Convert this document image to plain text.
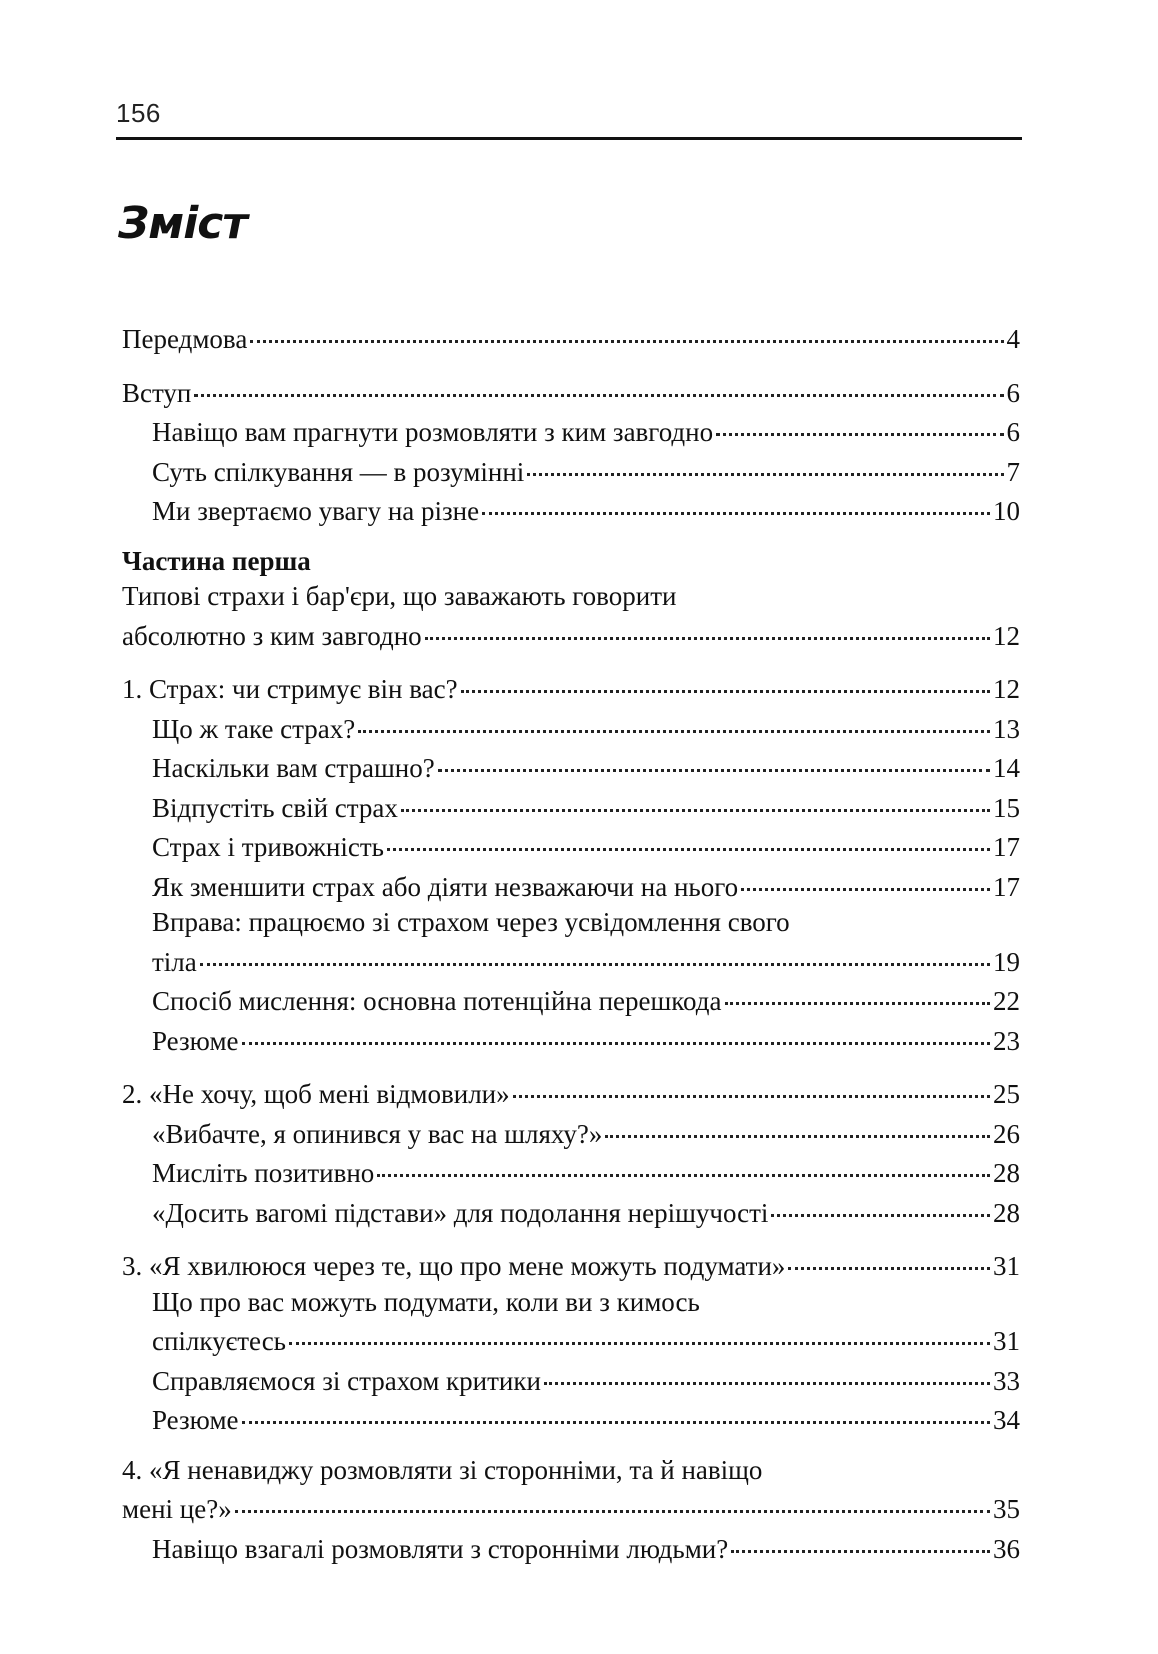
156
Зміст
Передмова	4
Вступ	6
Навіщо вам прагнути розмовляти з ким завгодно	6
Суть спілкування — в розумінні	7
Ми звертаємо увагу на різне	10
Частина перша
Типові страхи і бар'єри, що заважають говорити
абсолютно з ким завгодно	12
1. Страх: чи стримує він вас?	12
Що ж таке страх?	13
Наскільки вам страшно?	14
Відпустіть свій страх	15
Страх і тривожність	17
Як зменшити страх або діяти незважаючи на нього	17
Вправа: працюємо зі страхом через усвідомлення свого
тіла	19
Спосіб мислення: основна потенційна перешкода	22
Резюме	23
2. «Не хочу, щоб мені відмовили»	25
«Вибачте, я опинився у вас на шляху?»	26
Мисліть позитивно	28
«Досить вагомі підстави» для подолання нерішучості	28
3. «Я хвилююся через те, що про мене можуть подумати»	31
Що про вас можуть подумати, коли ви з кимось
спілкуєтесь	31
Справляємося зі страхом критики	33
Резюме	34
4. «Я ненавиджу розмовляти зі сторонніми, та й навіщо
мені це?»	35
Навіщо взагалі розмовляти з сторонніми людьми?	36
